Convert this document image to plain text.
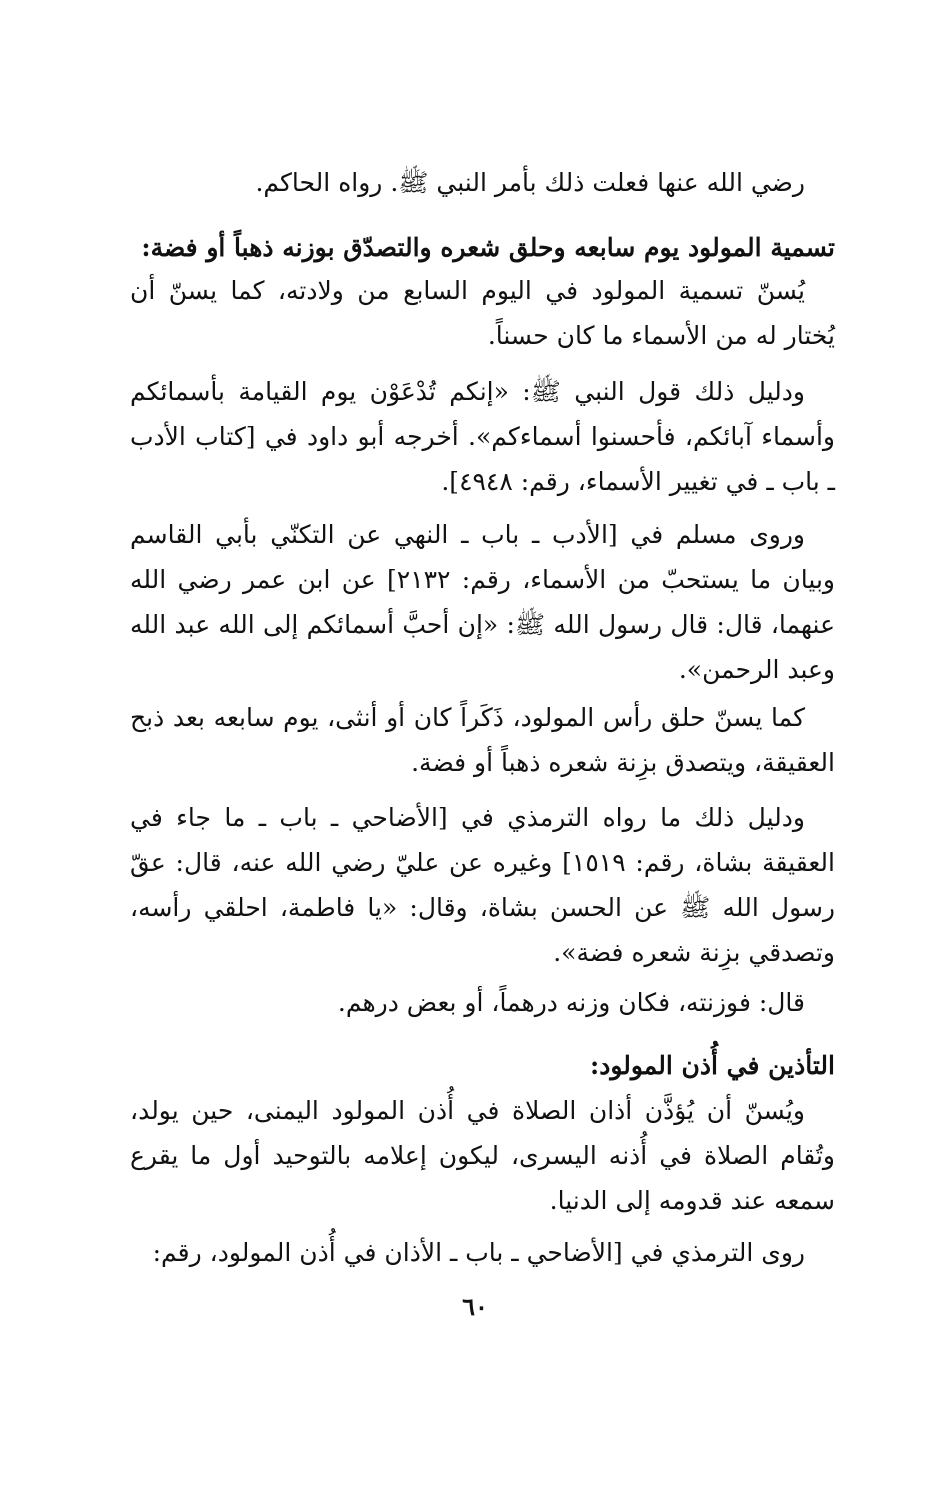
رضي الله عنها فعلت ذلك بأمر النبي ﷺ. رواه الحاكم.
تسمية المولود يوم سابعه وحلق شعره والتصدّق بوزنه ذهباً أو فضة:
يُسنّ تسمية المولود في اليوم السابع من ولادته، كما يسنّ أن يُختار له من الأسماء ما كان حسناً.
ودليل ذلك قول النبي ﷺ: «إنكم تُدْعَوْن يوم القيامة بأسمائكم وأسماء آبائكم، فأحسنوا أسماءكم». أخرجه أبو داود في [كتاب الأدب ـ باب ـ في تغيير الأسماء، رقم: ٤٩٤٨].
وروى مسلم في [الأدب ـ باب ـ النهي عن التكنّي بأبي القاسم وبيان ما يستحبّ من الأسماء، رقم: ٢١٣٢] عن ابن عمر رضي الله عنهما، قال: قال رسول الله ﷺ: «إن أحبَّ أسمائكم إلى الله عبد الله وعبد الرحمن».
كما يسنّ حلق رأس المولود، ذَكَراً كان أو أنثى، يوم سابعه بعد ذبح العقيقة، ويتصدق بزِنة شعره ذهباً أو فضة.
ودليل ذلك ما رواه الترمذي في [الأضاحي ـ باب ـ ما جاء في العقيقة بشاة، رقم: ١٥١٩] وغيره عن عليّ رضي الله عنه، قال: عقّ رسول الله ﷺ عن الحسن بشاة، وقال: «يا فاطمة، احلقي رأسه، وتصدقي بزِنة شعره فضة».
قال: فوزنته، فكان وزنه درهماً، أو بعض درهم.
التأذين في أُذن المولود:
ويُسنّ أن يُؤذَّن أذان الصلاة في أُذن المولود اليمنى، حين يولد، وتُقام الصلاة في أُذنه اليسرى، ليكون إعلامه بالتوحيد أول ما يقرع سمعه عند قدومه إلى الدنيا.
روى الترمذي في [الأضاحي ـ باب ـ الأذان في أُذن المولود، رقم:
٦٠
